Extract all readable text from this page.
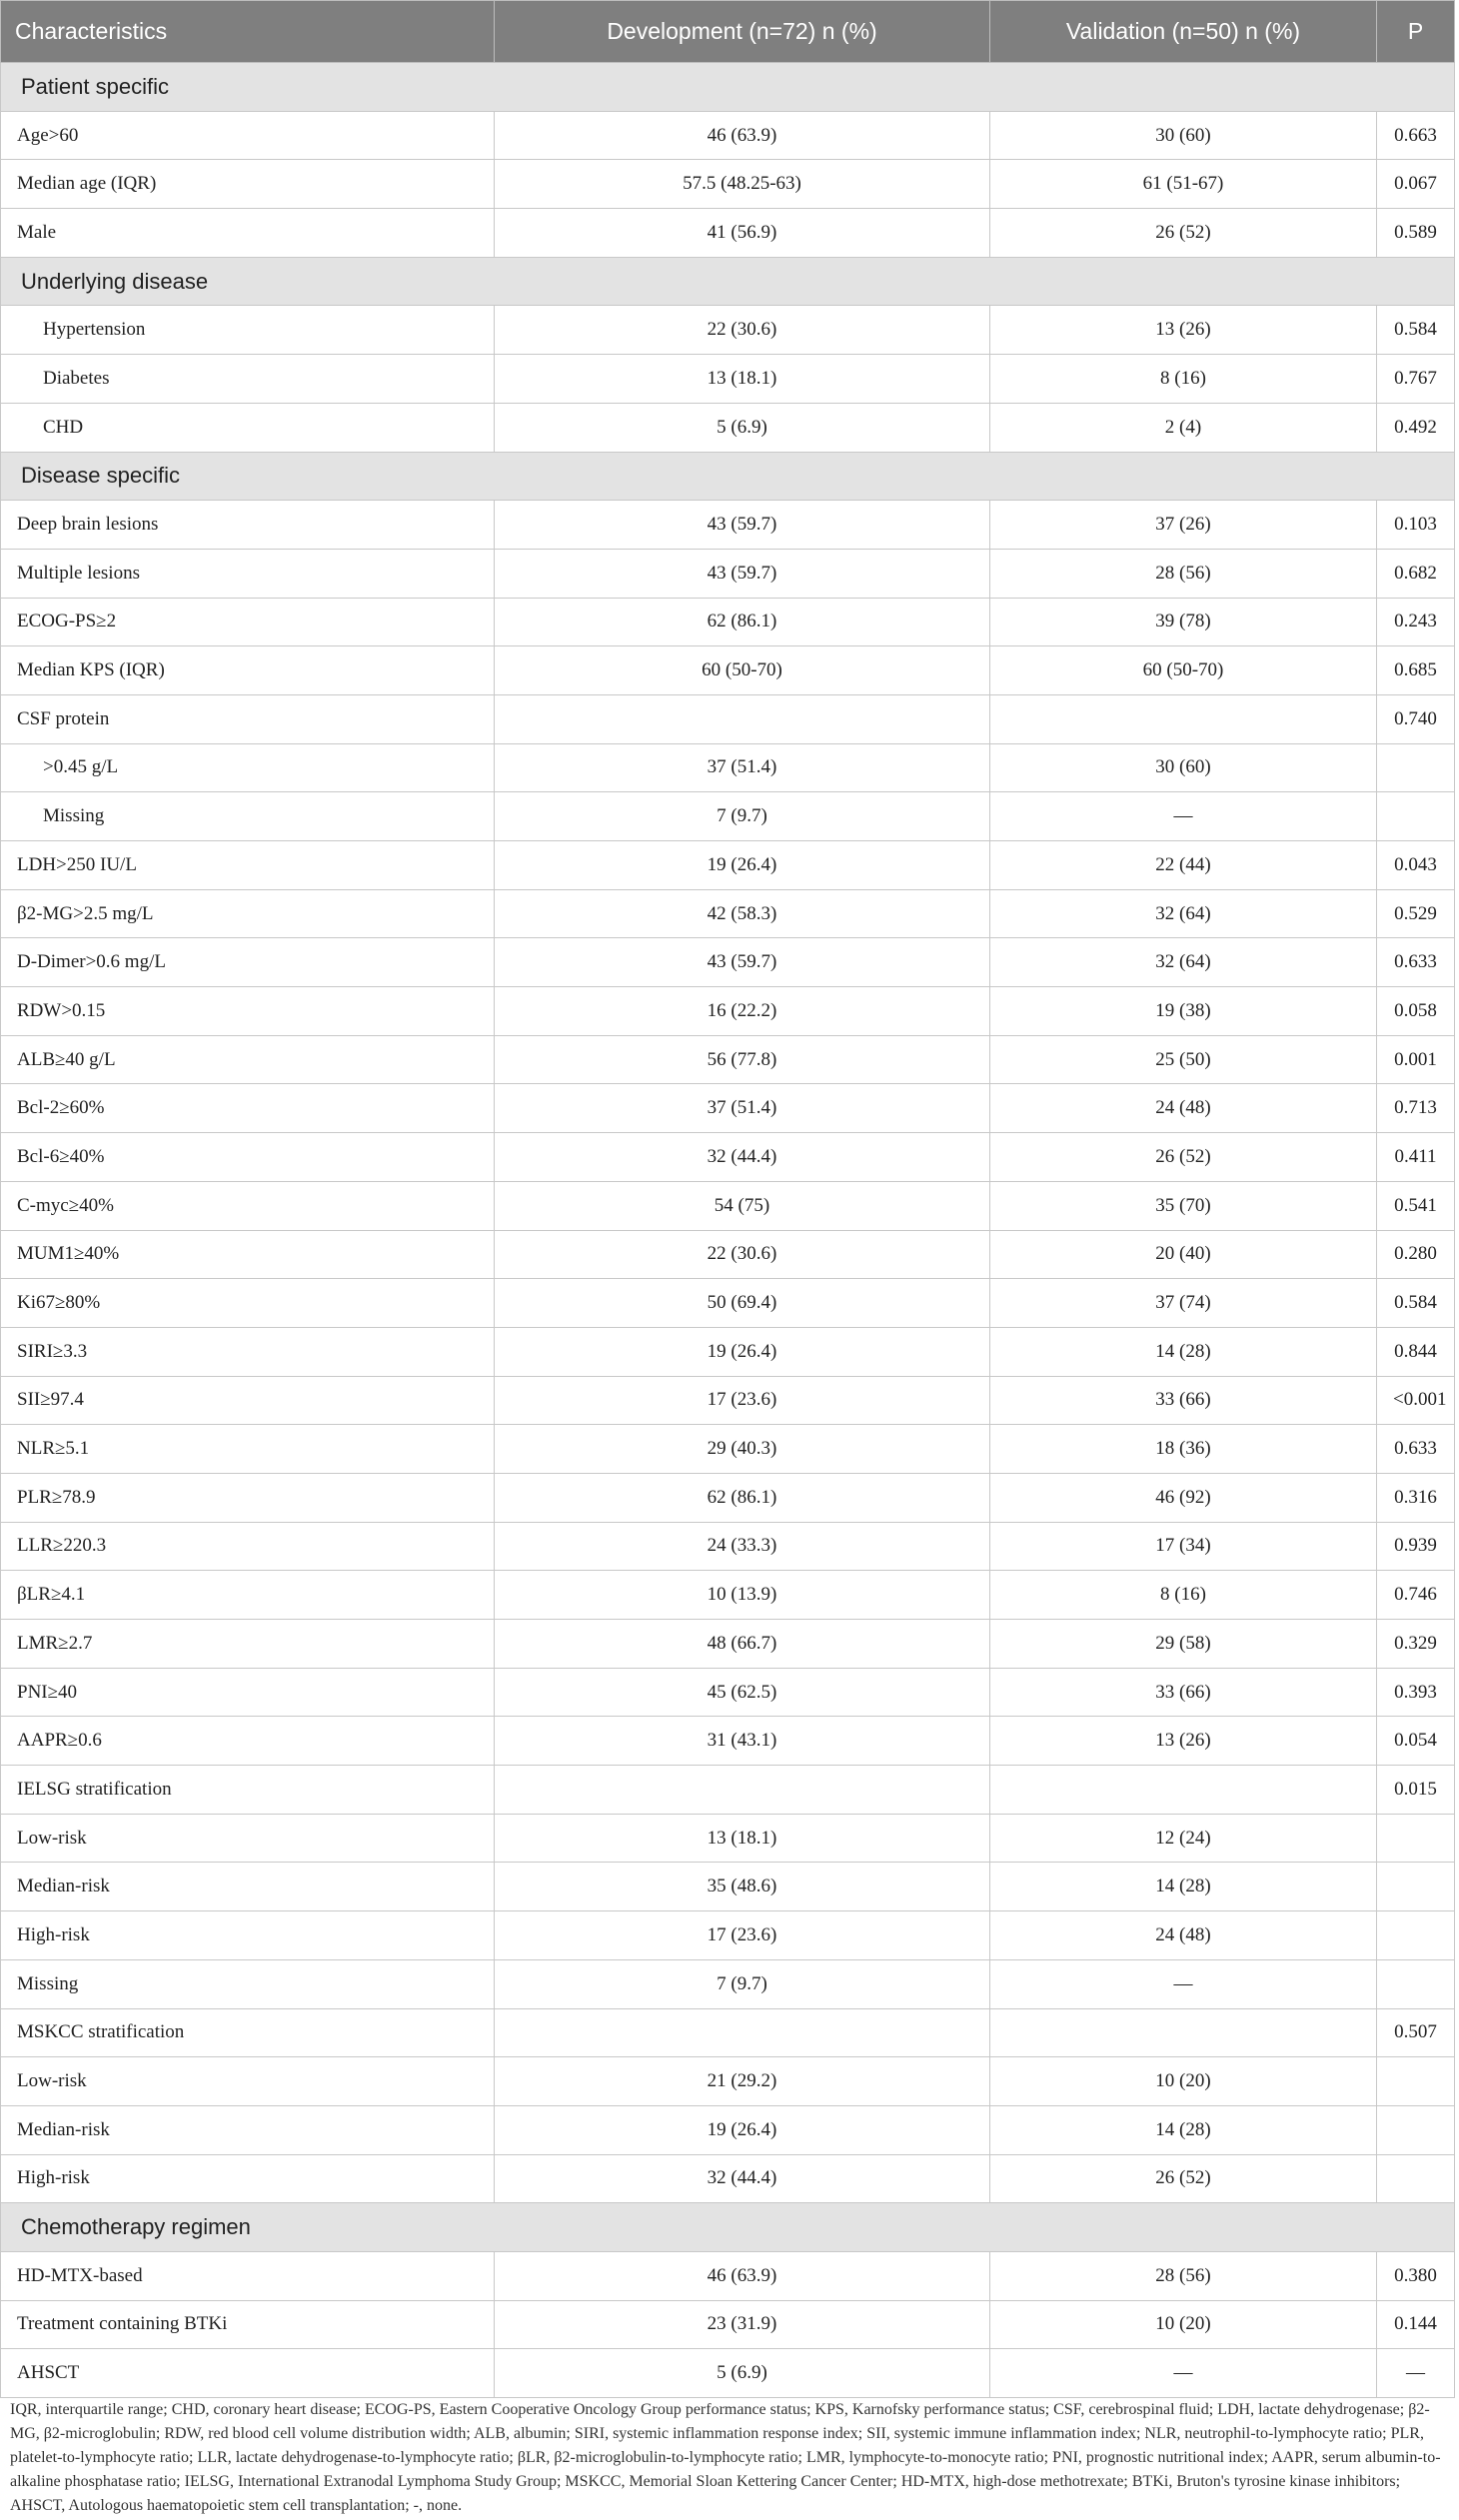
Characteristics	Development (n=72) n (%)	Validation (n=50) n (%)	P
Patient specific			
Age>60	46 (63.9)	30 (60)	0.663
Median age (IQR)	57.5 (48.25-63)	61 (51-67)	0.067
Male	41 (56.9)	26 (52)	0.589
Underlying disease			
Hypertension	22 (30.6)	13 (26)	0.584
Diabetes	13 (18.1)	8 (16)	0.767
CHD	5 (6.9)	2 (4)	0.492
Disease specific			
Deep brain lesions	43 (59.7)	37 (26)	0.103
Multiple lesions	43 (59.7)	28 (56)	0.682
ECOG-PS≥2	62 (86.1)	39 (78)	0.243
Median KPS (IQR)	60 (50-70)	60 (50-70)	0.685
CSF protein			0.740
>0.45 g/L	37 (51.4)	30 (60)	
Missing	7 (9.7)	—	
LDH>250 IU/L	19 (26.4)	22 (44)	0.043
β2-MG>2.5 mg/L	42 (58.3)	32 (64)	0.529
D-Dimer>0.6 mg/L	43 (59.7)	32 (64)	0.633
RDW>0.15	16 (22.2)	19 (38)	0.058
ALB≥40 g/L	56 (77.8)	25 (50)	0.001
Bcl-2≥60%	37 (51.4)	24 (48)	0.713
Bcl-6≥40%	32 (44.4)	26 (52)	0.411
C-myc≥40%	54 (75)	35 (70)	0.541
MUM1≥40%	22 (30.6)	20 (40)	0.280
Ki67≥80%	50 (69.4)	37 (74)	0.584
SIRI≥3.3	19 (26.4)	14 (28)	0.844
SII≥97.4	17 (23.6)	33 (66)	<0.001
NLR≥5.1	29 (40.3)	18 (36)	0.633
PLR≥78.9	62 (86.1)	46 (92)	0.316
LLR≥220.3	24 (33.3)	17 (34)	0.939
βLR≥4.1	10 (13.9)	8 (16)	0.746
LMR≥2.7	48 (66.7)	29 (58)	0.329
PNI≥40	45 (62.5)	33 (66)	0.393
AAPR≥0.6	31 (43.1)	13 (26)	0.054
IELSG stratification			0.015
Low-risk	13 (18.1)	12 (24)	
Median-risk	35 (48.6)	14 (28)	
High-risk	17 (23.6)	24 (48)	
Missing	7 (9.7)	—	
MSKCC stratification			0.507
Low-risk	21 (29.2)	10 (20)	
Median-risk	19 (26.4)	14 (28)	
High-risk	32 (44.4)	26 (52)	
Chemotherapy regimen			
HD-MTX-based	46 (63.9)	28 (56)	0.380
Treatment containing BTKi	23 (31.9)	10 (20)	0.144
AHSCT	5 (6.9)	—	—
IQR, interquartile range; CHD, coronary heart disease; ECOG-PS, Eastern Cooperative Oncology Group performance status; KPS, Karnofsky performance status; CSF, cerebrospinal fluid; LDH, lactate dehydrogenase; β2-MG, β2-microglobulin; RDW, red blood cell volume distribution width; ALB, albumin; SIRI, systemic inflammation response index; SII, systemic immune inflammation index; NLR, neutrophil-to-lymphocyte ratio; PLR, platelet-to-lymphocyte ratio; LLR, lactate dehydrogenase-to-lymphocyte ratio; βLR, β2-microglobulin-to-lymphocyte ratio; LMR, lymphocyte-to-monocyte ratio; PNI, prognostic nutritional index; AAPR, serum albumin-to-alkaline phosphatase ratio; IELSG, International Extranodal Lymphoma Study Group; MSKCC, Memorial Sloan Kettering Cancer Center; HD-MTX, high-dose methotrexate; BTKi, Bruton's tyrosine kinase inhibitors; AHSCT, Autologous haematopoietic stem cell transplantation; -, none.
